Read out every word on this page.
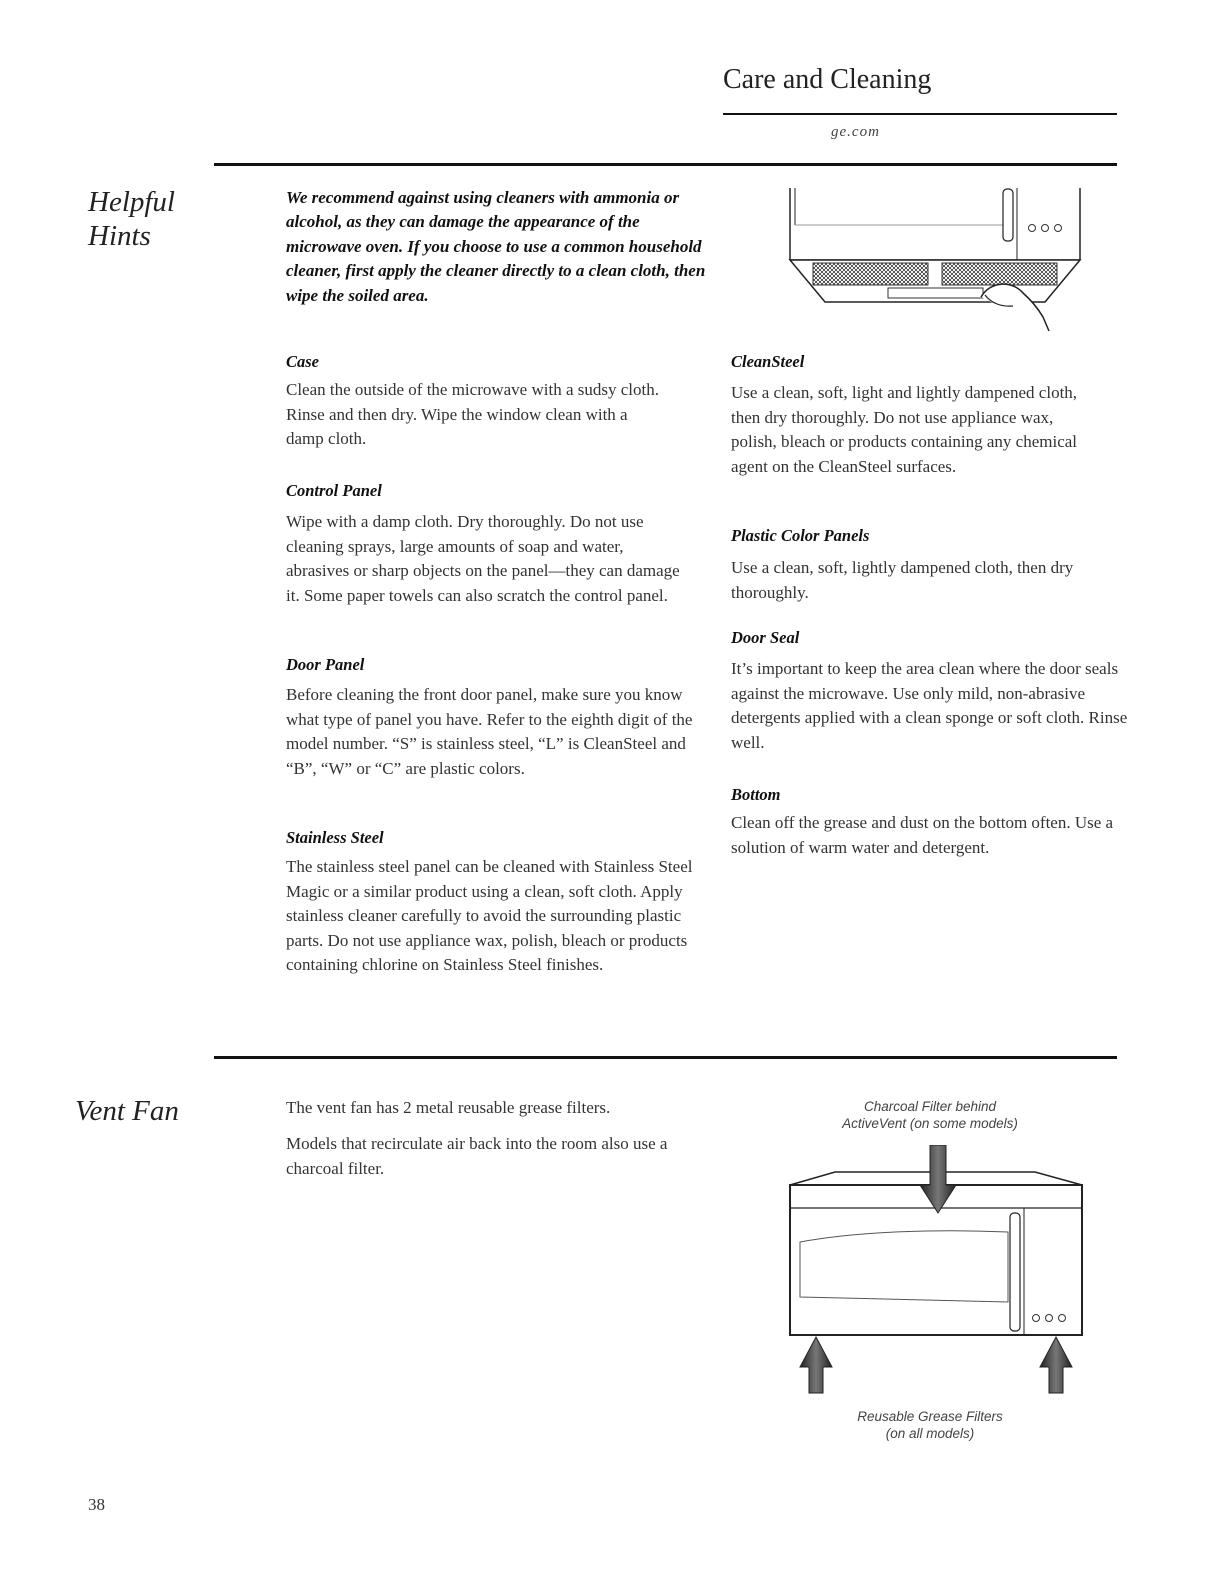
Care and Cleaning
ge.com
Helpful
Hints
We recommend against using cleaners with ammonia or alcohol, as they can damage the appearance of the microwave oven. If you choose to use a common household cleaner, first apply the cleaner directly to a clean cloth, then wipe the soiled area.
Case
Clean the outside of the microwave with a sudsy cloth. Rinse and then dry. Wipe the window clean with a damp cloth.
Control Panel
Wipe with a damp cloth. Dry thoroughly. Do not use cleaning sprays, large amounts of soap and water, abrasives or sharp objects on the panel—they can damage it. Some paper towels can also scratch the control panel.
Door Panel
Before cleaning the front door panel, make sure you know what type of panel you have. Refer to the eighth digit of the model number. “S” is stainless steel, “L” is CleanSteel and “B”, “W” or “C” are plastic colors.
Stainless Steel
The stainless steel panel can be cleaned with Stainless Steel Magic or a similar product using a clean, soft cloth. Apply stainless cleaner carefully to avoid the surrounding plastic parts. Do not use appliance wax, polish, bleach or products containing chlorine on Stainless Steel finishes.
CleanSteel
Use a clean, soft, light and lightly dampened cloth, then dry thoroughly. Do not use appliance wax, polish, bleach or products containing any chemical agent on the CleanSteel surfaces.
Plastic Color Panels
Use a clean, soft, lightly dampened cloth, then dry thoroughly.
Door Seal
It’s important to keep the area clean where the door seals against the microwave. Use only mild, non-abrasive detergents applied with a clean sponge or soft cloth. Rinse well.
Bottom
Clean off the grease and dust on the bottom often. Use a solution of warm water and detergent.
Vent Fan	The vent fan has 2 metal reusable grease filters.
Models that recirculate air back into the room also use a charcoal filter.
Charcoal Filter behind
ActiveVent (on some models)
Reusable Grease Filters
(on all models)
38
